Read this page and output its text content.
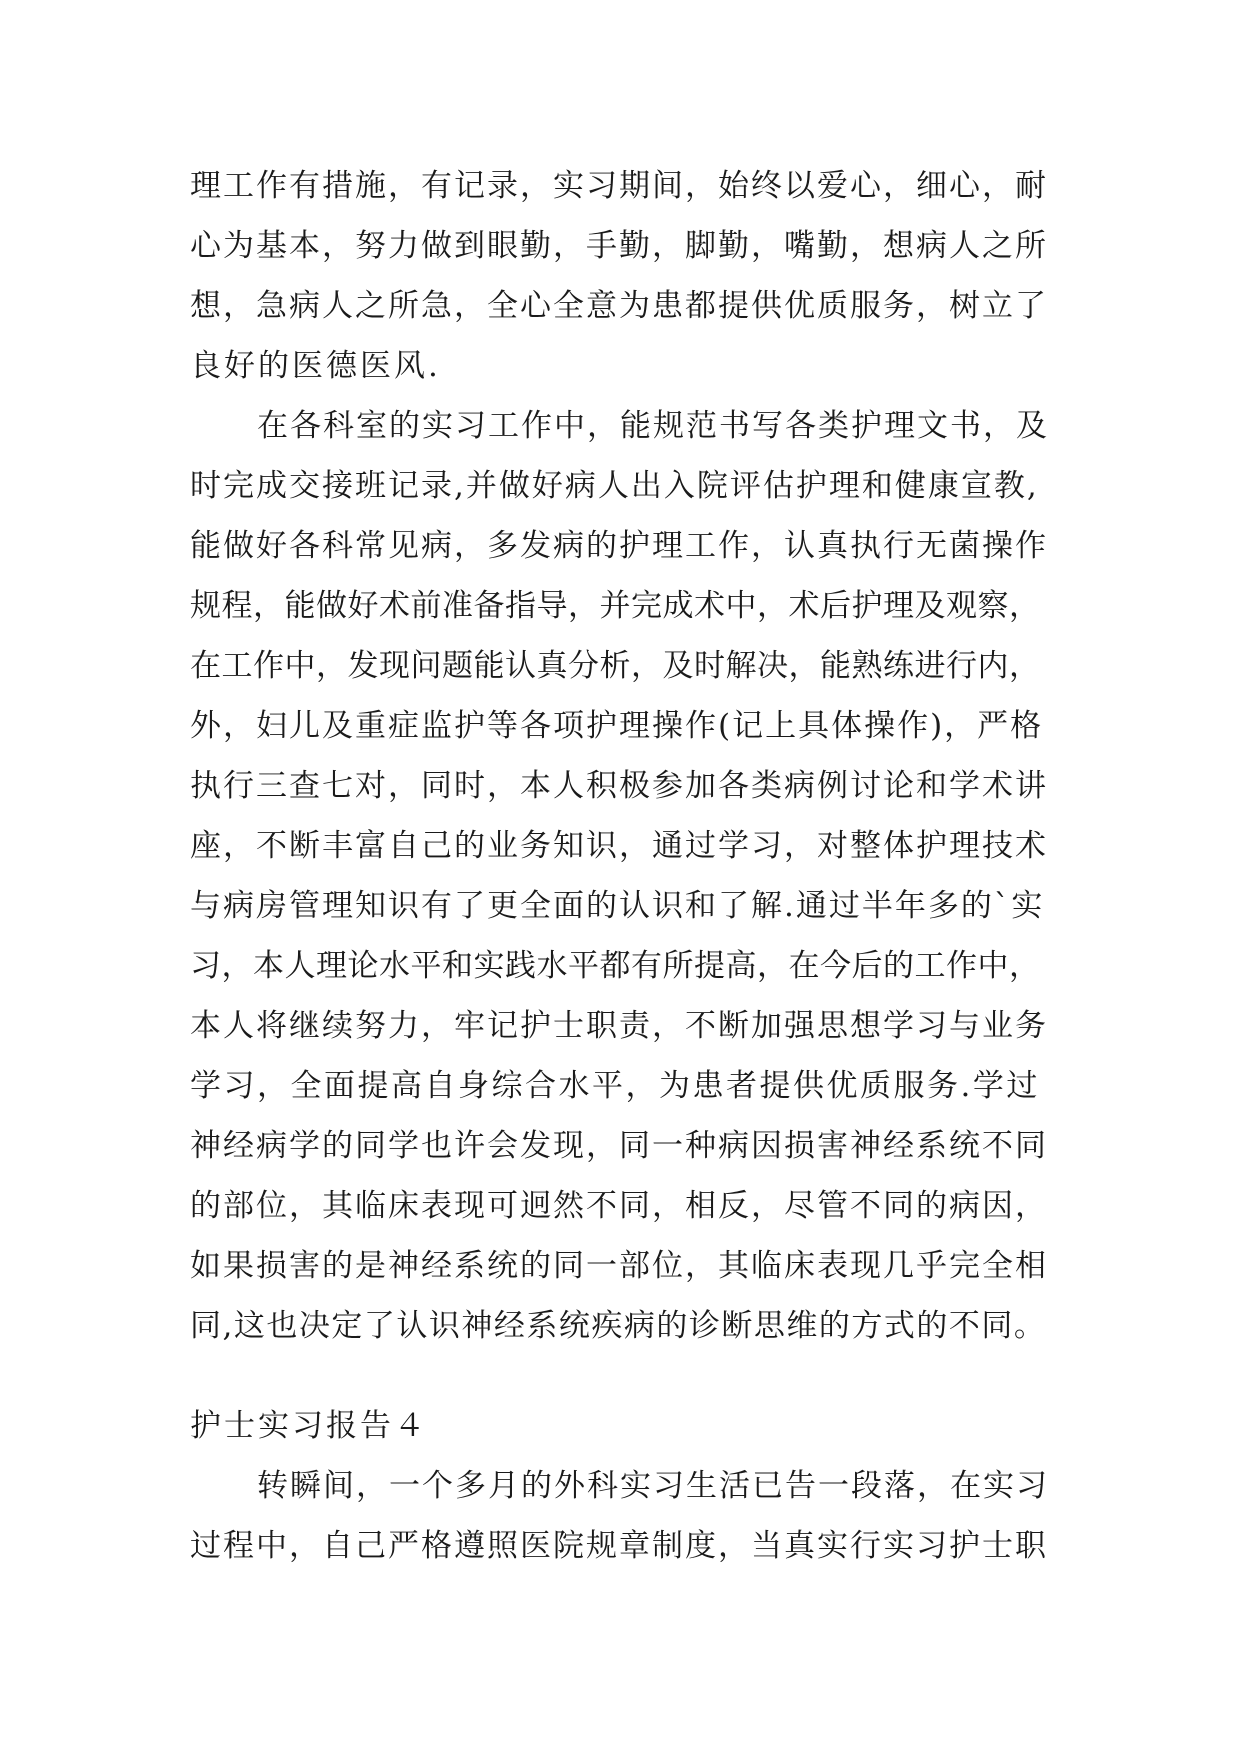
理工作有措施，有记录，实习期间，始终以爱心，细心，耐
心为基本，努力做到眼勤，手勤，脚勤，嘴勤，想病人之所
想，急病人之所急，全心全意为患都提供优质服务，树立了
良好的医德医风.
在各科室的实习工作中，能规范书写各类护理文书，及
时完成交接班记录,并做好病人出入院评估护理和健康宣教,
能做好各科常见病，多发病的护理工作，认真执行无菌操作
规程，能做好术前准备指导，并完成术中，术后护理及观察，
在工作中，发现问题能认真分析，及时解决，能熟练进行内，
外，妇儿及重症监护等各项护理操作(记上具体操作)，严格
执行三查七对，同时，本人积极参加各类病例讨论和学术讲
座，不断丰富自己的业务知识，通过学习，对整体护理技术
与病房管理知识有了更全面的认识和了解.通过半年多的`实
习，本人理论水平和实践水平都有所提高，在今后的工作中，
本人将继续努力，牢记护士职责，不断加强思想学习与业务
学习，全面提高自身综合水平，为患者提供优质服务.学过
神经病学的同学也许会发现，同一种病因损害神经系统不同
的部位，其临床表现可迥然不同，相反，尽管不同的病因，
如果损害的是神经系统的同一部位，其临床表现几乎完全相
同,这也决定了认识神经系统疾病的诊断思维的方式的不同。
护士实习报告４
转瞬间，一个多月的外科实习生活已告一段落，在实习
过程中，自己严格遵照医院规章制度，当真实行实习护士职
